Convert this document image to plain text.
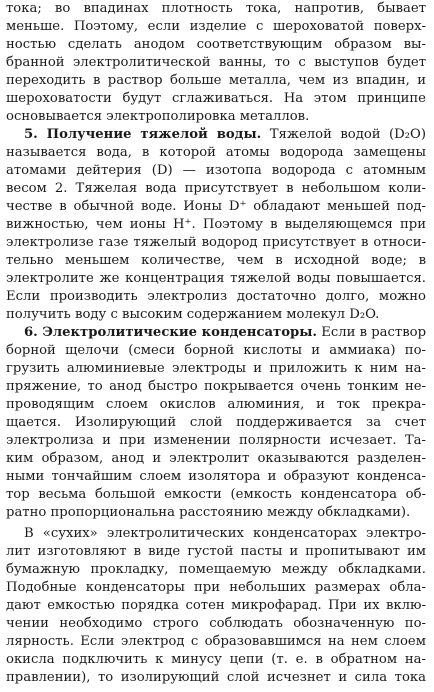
тока; во впадинах плотность тока, напротив, бывает
меньше. Поэтому, если изделие с шероховатой поверх-
ностью сделать анодом соответствующим образом вы-
бранной электролитической ванны, то с выступов будет
переходить в раствор больше металла, чем из впадин, и
шероховатости будут сглаживаться. На этом принципе
основывается электрополировка металлов.
5. Получение тяжелой воды. Тяжелой водой (D₂O)
называется вода, в которой атомы водорода замещены
атомами дейтерия (D) — изотопа водорода с атомным
весом 2. Тяжелая вода присутствует в небольшом коли-
честве в обычной воде. Ионы D⁺ обладают меньшей под-
вижностью, чем ионы H⁺. Поэтому в выделяющемся при
электролизе газе тяжелый водород присутствует в относи-
тельно меньшем количестве, чем в исходной воде; в
электролите же концентрация тяжелой воды повышается.
Если производить электролиз достаточно долго, можно
получить воду с высоким содержанием молекул D₂O.
6. Электролитические конденсаторы. Если в раствор
борной щелочи (смеси борной кислоты и аммиака) по-
грузить алюминиевые электроды и приложить к ним на-
пряжение, то анод быстро покрывается очень тонким не-
проводящим слоем окислов алюминия, и ток прекра-
щается. Изолирующий слой поддерживается за счет
электролиза и при изменении полярности исчезает. Та-
ким образом, анод и электролит оказываются разделен-
ными тончайшим слоем изолятора и образуют конденса-
тор весьма большой емкости (емкость конденсатора об-
ратно пропорциональна расстоянию между обкладками).
В «сухих» электролитических конденсаторах электро-
лит изготовляют в виде густой пасты и пропитывают им
бумажную прокладку, помещаемую между обкладками.
Подобные конденсаторы при небольших размерах обла-
дают емкостью порядка сотен микрофарад. При их вклю-
чении необходимо строго соблюдать обозначенную по-
лярность. Если электрод с образовавшимся на нем слоем
окисла подключить к минусу цепи (т. е. в обратном на-
правлении), то изолирующий слой исчезнет и сила тока
